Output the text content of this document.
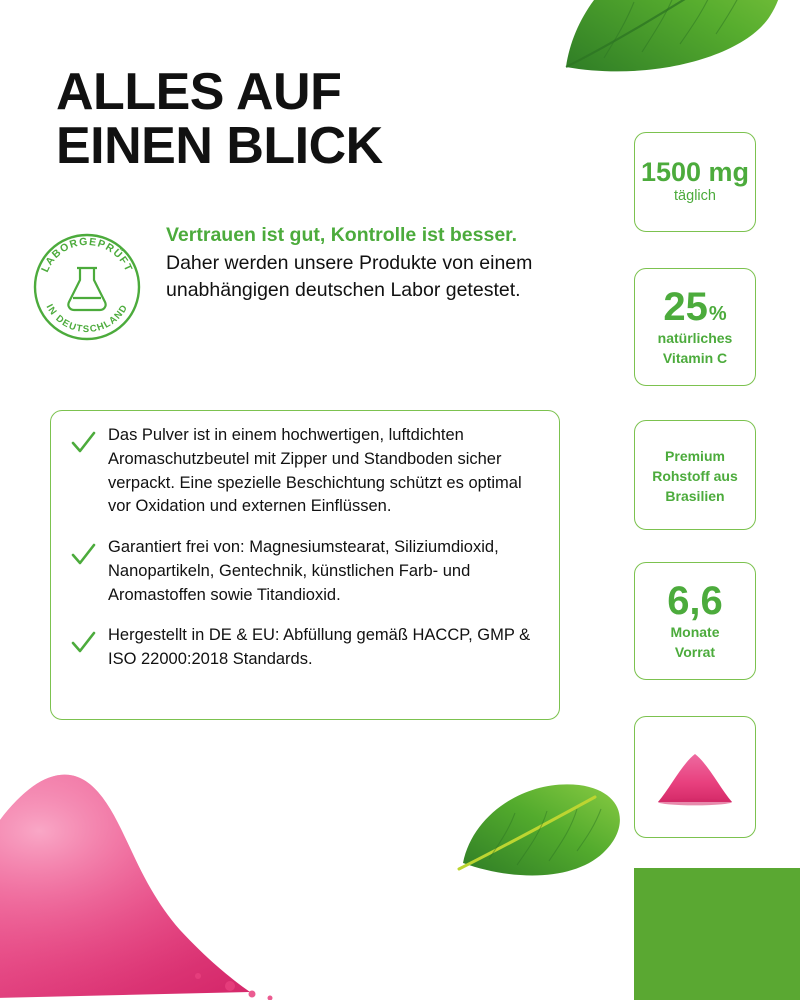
ALLES AUF
EINEN BLICK
LABORGEPRÜFT
IN DEUTSCHLAND
Vertrauen ist gut, Kontrolle ist besser.
Daher werden unsere Produkte von einem unabhängigen deutschen Labor getestet.
Das Pulver ist in einem hochwertigen, luftdichten Aromaschutzbeutel mit Zipper und Standboden sicher verpackt. Eine spezielle Beschichtung schützt es optimal vor Oxidation und externen Einflüssen.
Garantiert frei von: Magnesiumstearat, Siliziumdioxid, Nanopartikeln, Gentechnik, künstlichen Farb- und Aromastoffen sowie Titandioxid.
Hergestellt in DE & EU: Abfüllung gemäß HACCP, GMP & ISO 22000:2018 Standards.
1500 mg
täglich
25 %
natürliches
Vitamin C
Premium
Rohstoff aus
Brasilien
6,6
Monate
Vorrat
